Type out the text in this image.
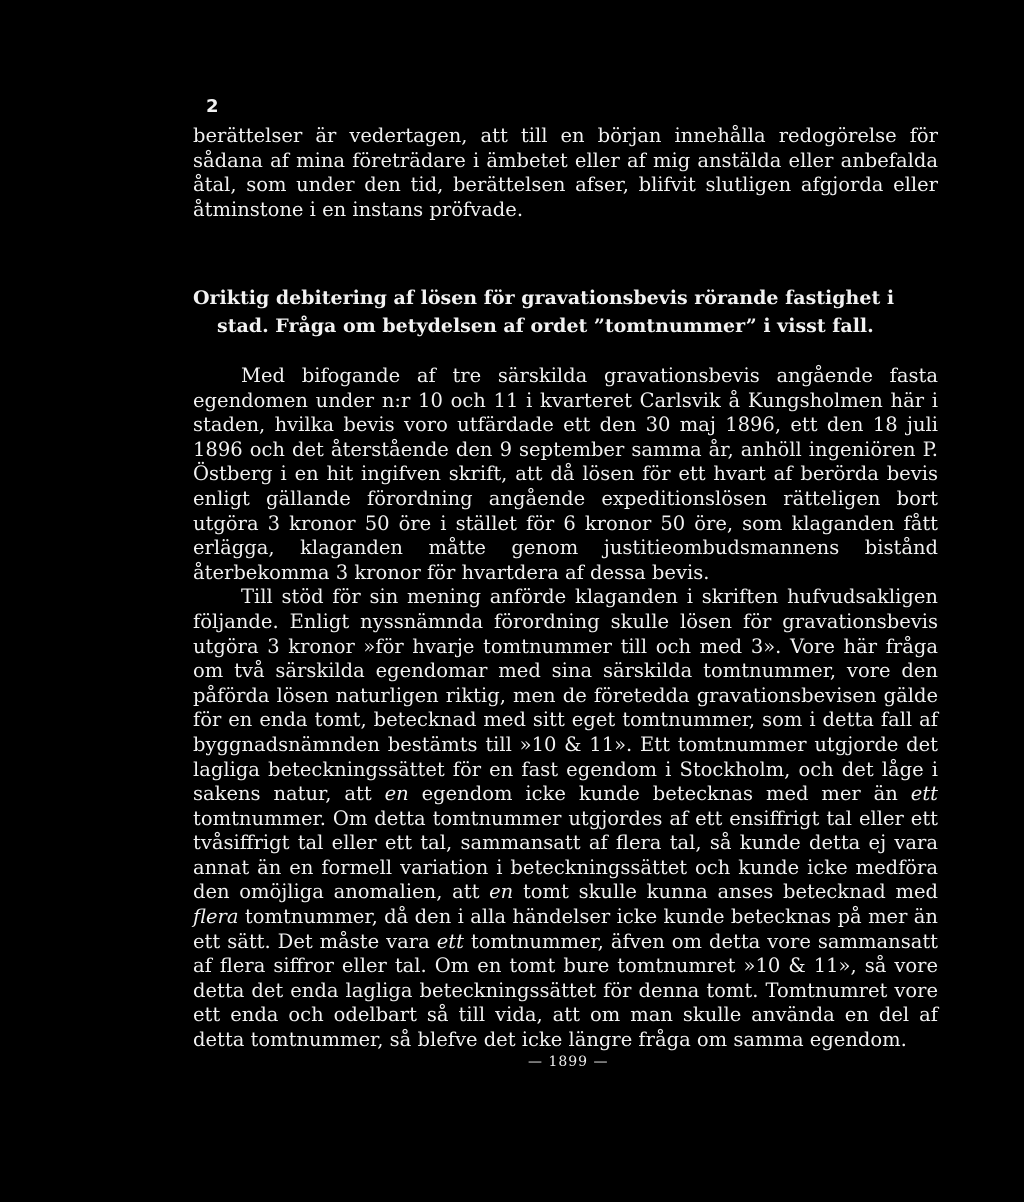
2
berättelser är vedertagen, att till en början innehålla redogörelse för sådana af mina företrädare i ämbetet eller af mig anstälda eller anbefalda åtal, som under den tid, berättelsen afser, blifvit slutligen afgjorda eller åtminstone i en instans pröfvade.
Oriktig debitering af lösen för gravationsbevis rörande fastighet i
stad. Fråga om betydelsen af ordet ”tomtnummer” i visst fall.

Med bifogande af tre särskilda gravationsbevis angående fasta egendomen under n:r 10 och 11 i kvarteret Carlsvik å Kungsholmen här i staden, hvilka bevis voro utfärdade ett den 30 maj 1896, ett den 18 juli 1896 och det återstående den 9 september samma år, anhöll ingeniören P. Östberg i en hit ingifven skrift, att då lösen för ett hvart af berörda bevis enligt gällande förordning angående expeditionslösen rätteligen bort utgöra 3 kronor 50 öre i stället för 6 kronor 50 öre, som klaganden fått erlägga, klaganden måtte genom justitieombudsmannens bistånd återbekomma 3 kronor för hvartdera af dessa bevis.

Till stöd för sin mening anförde klaganden i skriften hufvudsakligen följande. Enligt nyssnämnda förordning skulle lösen för gravationsbevis utgöra 3 kronor »för hvarje tomtnummer till och med 3». Vore här fråga om två särskilda egendomar med sina särskilda tomtnummer, vore den påförda lösen naturligen riktig, men de företedda gravationsbevisen gälde för en enda tomt, betecknad med sitt eget tomtnummer, som i detta fall af byggnadsnämnden bestämts till »10 & 11». Ett tomtnummer utgjorde det lagliga beteckningssättet för en fast egendom i Stockholm, och det låge i sakens natur, att en egendom icke kunde betecknas med mer än ett tomtnummer. Om detta tomtnummer utgjordes af ett ensiffrigt tal eller ett tvåsiffrigt tal eller ett tal, sammansatt af flera tal, så kunde detta ej vara annat än en formell variation i beteckningssättet och kunde icke medföra den omöjliga anomalien, att en tomt skulle kunna anses betecknad med flera tomtnummer, då den i alla händelser icke kunde betecknas på mer än ett sätt. Det måste vara ett tomtnummer, äfven om detta vore sammansatt af flera siffror eller tal. Om en tomt bure tomtnumret »10 & 11», så vore detta det enda lagliga beteckningssättet för denna tomt. Tomtnumret vore ett enda och odelbart så till vida, att om man skulle använda en del af detta tomtnummer, så blefve det icke längre fråga om samma egendom.

— 1899 —
